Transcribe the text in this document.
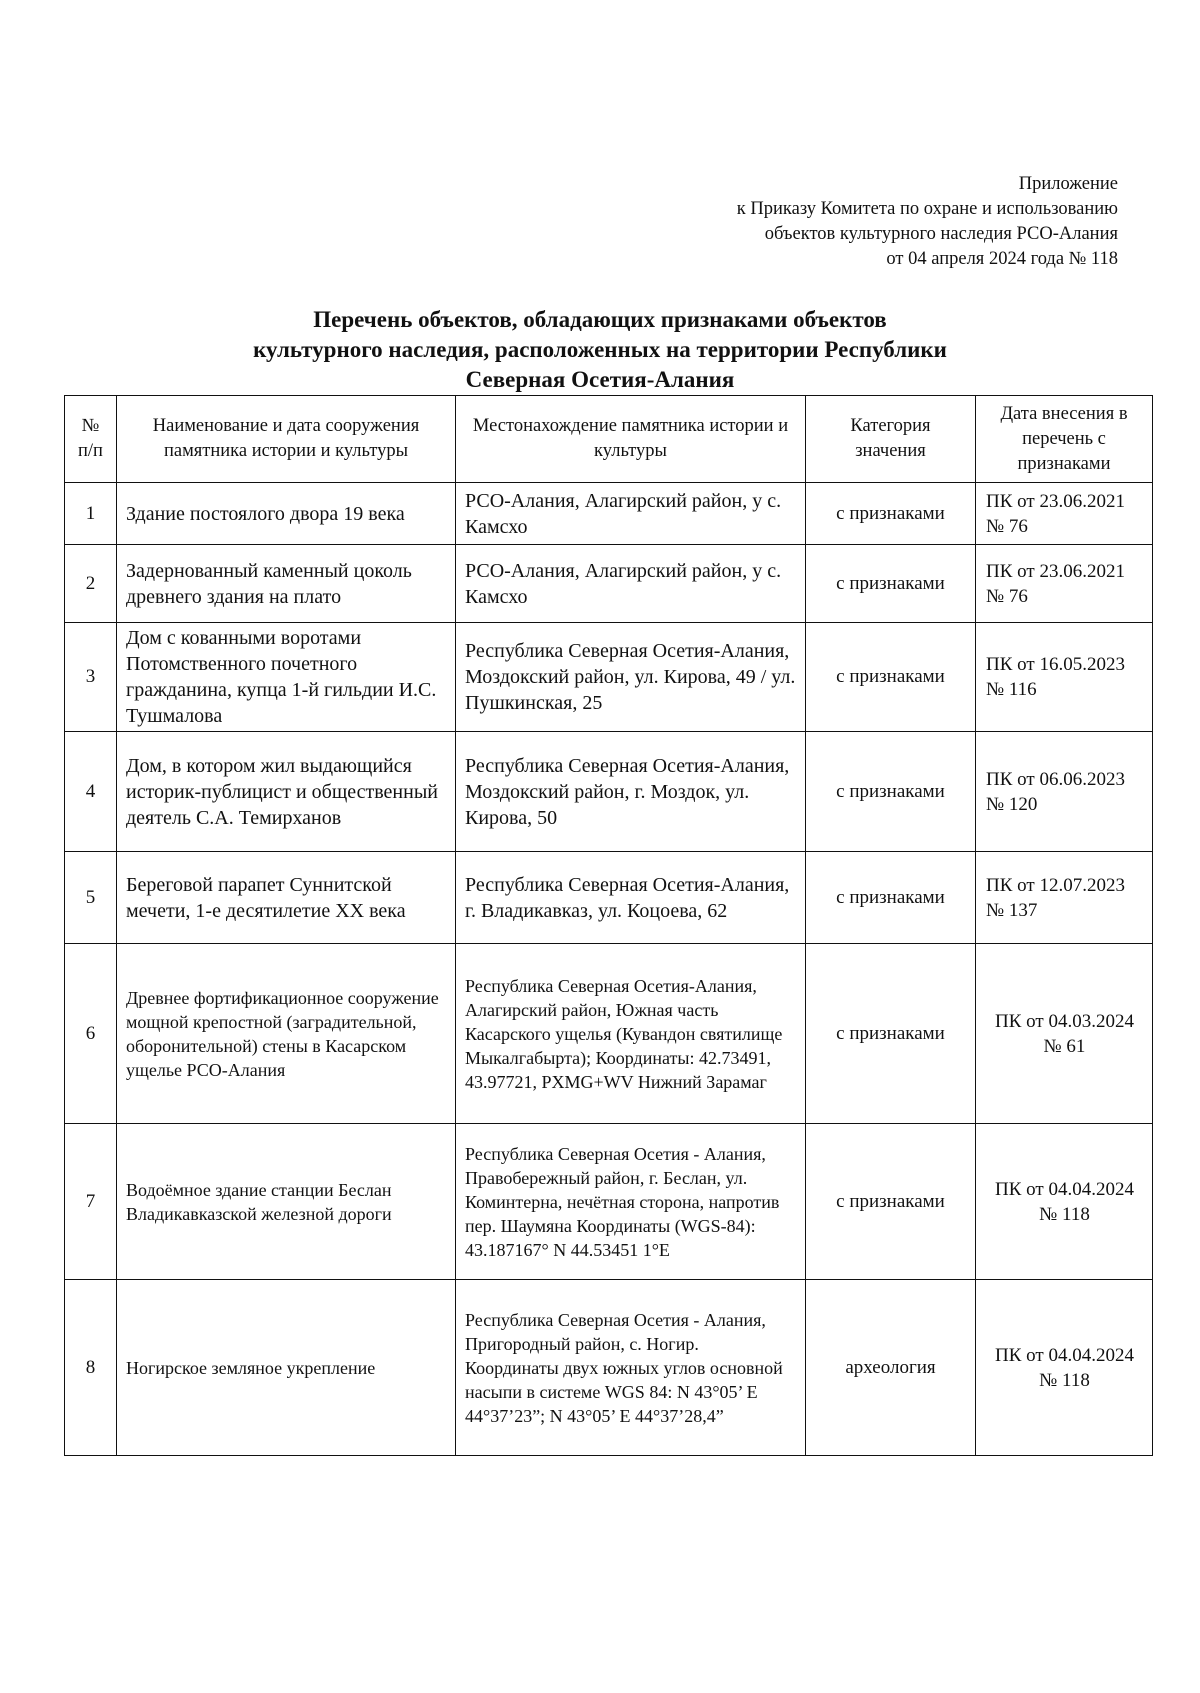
Приложение
к Приказу Комитета по охране и использованию
объектов культурного наследия РСО-Алания
от 04 апреля 2024 года № 118
Перечень объектов, обладающих признаками объектов
культурного наследия, расположенных на территории Республики
Северная Осетия-Алания
№ п/п	Наименование и дата сооружения памятника истории и культуры	Местонахождение памятника истории и культуры	Категория значения	Дата внесения в перечень с признаками
1	Здание постоялого двора 19 века	РСО-Алания, Алагирский район, у с. Камсхо	с признаками	ПК от 23.06.2021 № 76
2	Задернованный каменный цоколь древнего здания на плато	РСО-Алания, Алагирский район, у с. Камсхо	с признаками	ПК от 23.06.2021 № 76
3	Дом с кованными воротами Потомственного почетного гражданина, купца 1-й гильдии И.С. Тушмалова	Республика Северная Осетия-Алания, Моздокский район, ул. Кирова, 49 / ул. Пушкинская, 25	с признаками	ПК от 16.05.2023 № 116
4	Дом, в котором жил выдающийся историк-публицист и общественный деятель С.А. Темирханов	Республика Северная Осетия-Алания, Моздокский район, г. Моздок, ул. Кирова, 50	с признаками	ПК от 06.06.2023 № 120
5	Береговой парапет Суннитской мечети, 1-е десятилетие XX века	Республика Северная Осетия-Алания, г. Владикавказ, ул. Коцоева, 62	с признаками	ПК от 12.07.2023 № 137
6	Древнее фортификационное сооружение мощной крепостной (заградительной, оборонительной) стены в Касарском ущелье РСО-Алания	Республика Северная Осетия-Алания, Алагирский район, Южная часть Касарского ущелья (Кувандон святилище Мыкалгабырта); Координаты: 42.73491, 43.97721, PXMG+WV Нижний Зарамаг	с признаками	ПК от 04.03.2024 № 61
7	Водоёмное здание станции Беслан Владикавказской железной дороги	Республика Северная Осетия - Алания, Правобережный район, г. Беслан, ул. Коминтерна, нечётная сторона, напротив пер. Шаумяна Координаты (WGS-84): 43.187167° N 44.53451 1°E	с признаками	ПК от 04.04.2024 № 118
8	Ногирское земляное укрепление	Республика Северная Осетия - Алания, Пригородный район, с. Ногир. Координаты двух южных углов основной насыпи в системе WGS 84: N 43°05’ E 44°37’23”; N 43°05’ E 44°37’28,4”	археология	ПК от 04.04.2024 № 118
